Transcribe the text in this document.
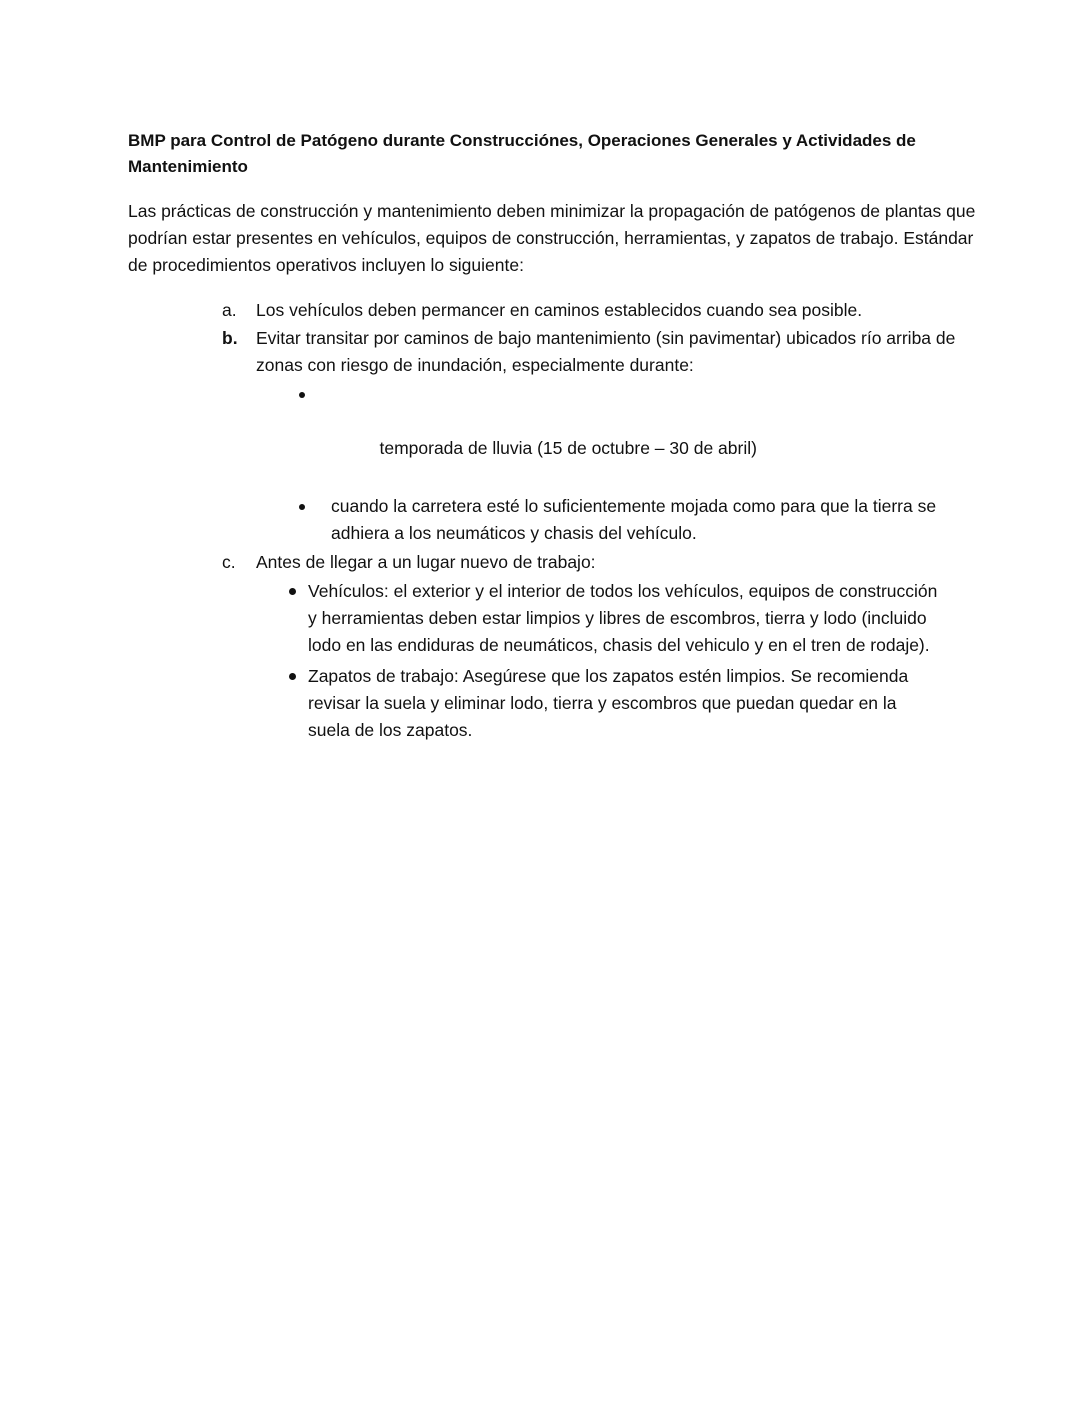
BMP para Control de Patógeno durante Construcciónes, Operaciones Generales y Actividades de Mantenimiento

Las prácticas de construcción y mantenimiento deben minimizar la propagación de patógenos de plantas que podrían estar presentes en vehículos, equipos de construcción, herramientas, y zapatos de trabajo. Estándar de procedimientos operativos incluyen lo siguiente:

a. Los vehículos deben permancer en caminos establecidos cuando sea posible.
b. Evitar transitar por caminos de bajo mantenimiento (sin pavimentar) ubicados río arriba de zonas con riesgo de inundación, especialmente durante:

temporada de lluvia (15 de octubre – 30 de abril)

cuando la carretera esté lo suficientemente mojada como para que la tierra se adhiera a los neumáticos y chasis del vehículo.
c. Antes de llegar a un lugar nuevo de trabajo:
Vehículos: el exterior y el interior de todos los vehículos, equipos de construcción y herramientas deben estar limpios y libres de escombros, tierra y lodo (incluido lodo en las endiduras de neumáticos, chasis del vehiculo y en el tren de rodaje).
Zapatos de trabajo: Asegúrese que los zapatos estén limpios. Se recomienda revisar la suela y eliminar lodo, tierra y escombros que puedan quedar en la suela de los zapatos.
